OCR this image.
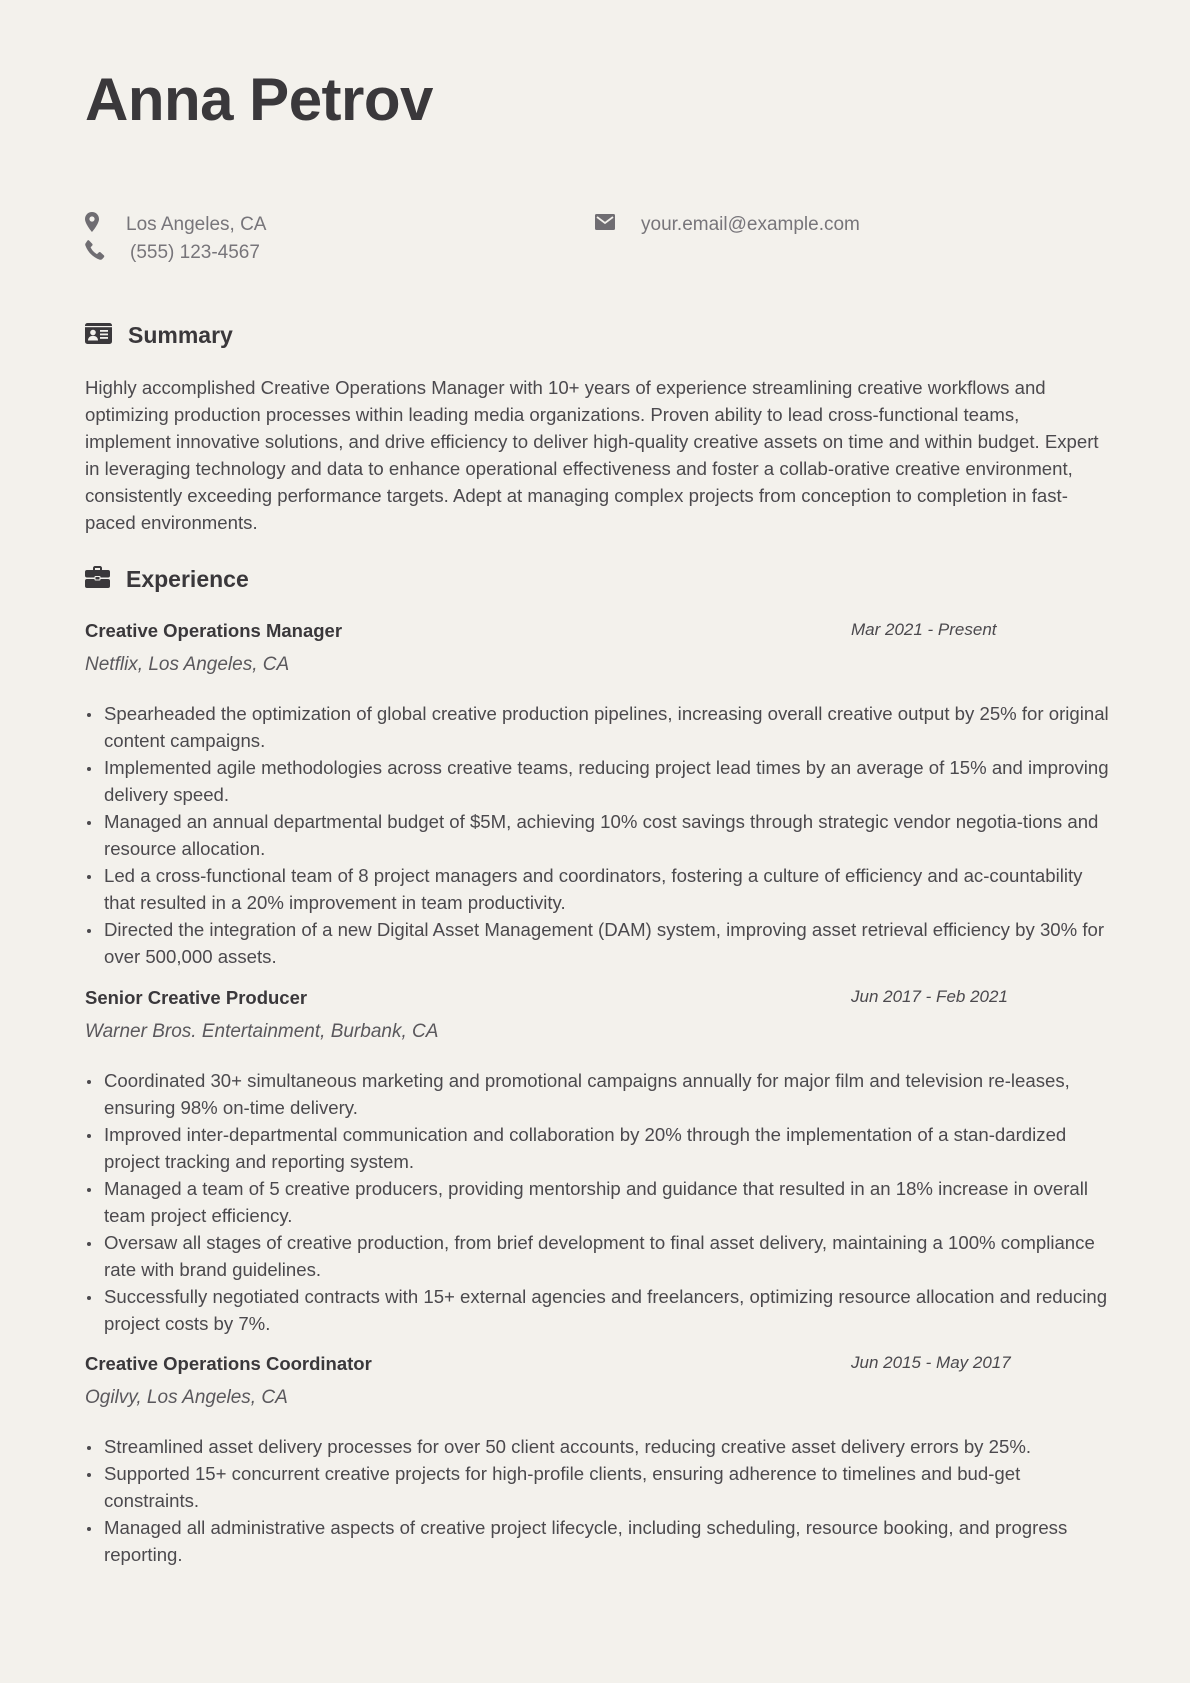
Anna Petrov
Los Angeles, CA
(555) 123-4567
your.email@example.com
Summary

Highly accomplished Creative Operations Manager with 10+ years of experience streamlining creative workflows and optimizing production processes within leading media organizations. Proven ability to lead cross-functional teams, implement innovative solutions, and drive efficiency to deliver high-quality creative assets on time and within budget. Expert in leveraging technology and data to enhance operational effectiveness and foster a collab-orative creative environment, consistently exceeding performance targets. Adept at managing complex projects from conception to completion in fast-paced environments.

Experience
Creative Operations Manager	Mar 2021 - Present
Netflix, Los Angeles, CA
Spearheaded the optimization of global creative production pipelines, increasing overall creative output by 25% for original content campaigns.
Implemented agile methodologies across creative teams, reducing project lead times by an average of 15% and improving delivery speed.
Managed an annual departmental budget of $5M, achieving 10% cost savings through strategic vendor negotia-tions and resource allocation.
Led a cross-functional team of 8 project managers and coordinators, fostering a culture of efficiency and ac-countability that resulted in a 20% improvement in team productivity.
Directed the integration of a new Digital Asset Management (DAM) system, improving asset retrieval efficiency by 30% for over 500,000 assets.
Senior Creative Producer	Jun 2017 - Feb 2021
Warner Bros. Entertainment, Burbank, CA
Coordinated 30+ simultaneous marketing and promotional campaigns annually for major film and television re-leases, ensuring 98% on-time delivery.
Improved inter-departmental communication and collaboration by 20% through the implementation of a stan-dardized project tracking and reporting system.
Managed a team of 5 creative producers, providing mentorship and guidance that resulted in an 18% increase in overall team project efficiency.
Oversaw all stages of creative production, from brief development to final asset delivery, maintaining a 100% compliance rate with brand guidelines.
Successfully negotiated contracts with 15+ external agencies and freelancers, optimizing resource allocation and reducing project costs by 7%.
Creative Operations Coordinator	Jun 2015 - May 2017
Ogilvy, Los Angeles, CA
Streamlined asset delivery processes for over 50 client accounts, reducing creative asset delivery errors by 25%.
Supported 15+ concurrent creative projects for high-profile clients, ensuring adherence to timelines and bud-get constraints.
Managed all administrative aspects of creative project lifecycle, including scheduling, resource booking, and progress reporting.
